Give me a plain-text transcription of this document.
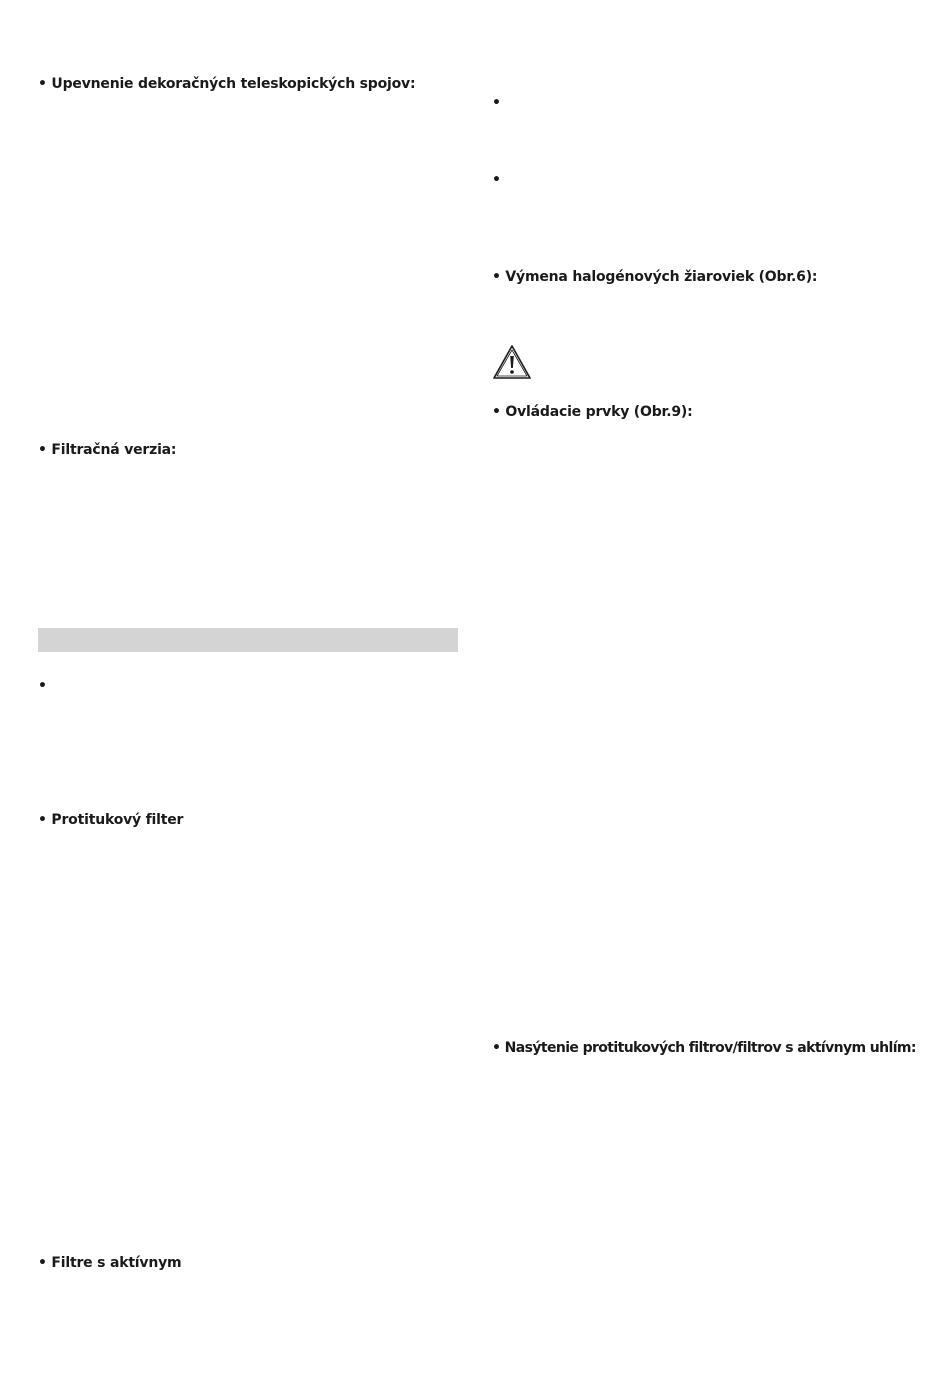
• Upevnenie dekoračných teleskopických spojov:
• Filtračná verzia:
•
• Protitukový filter
• Filtre s aktívnym
•
•
• Výmena halogénových žiaroviek (Obr.6):
• Ovládacie prvky (Obr.9):
• Nasýtenie protitukových filtrov/filtrov s aktívnym uhlím:
